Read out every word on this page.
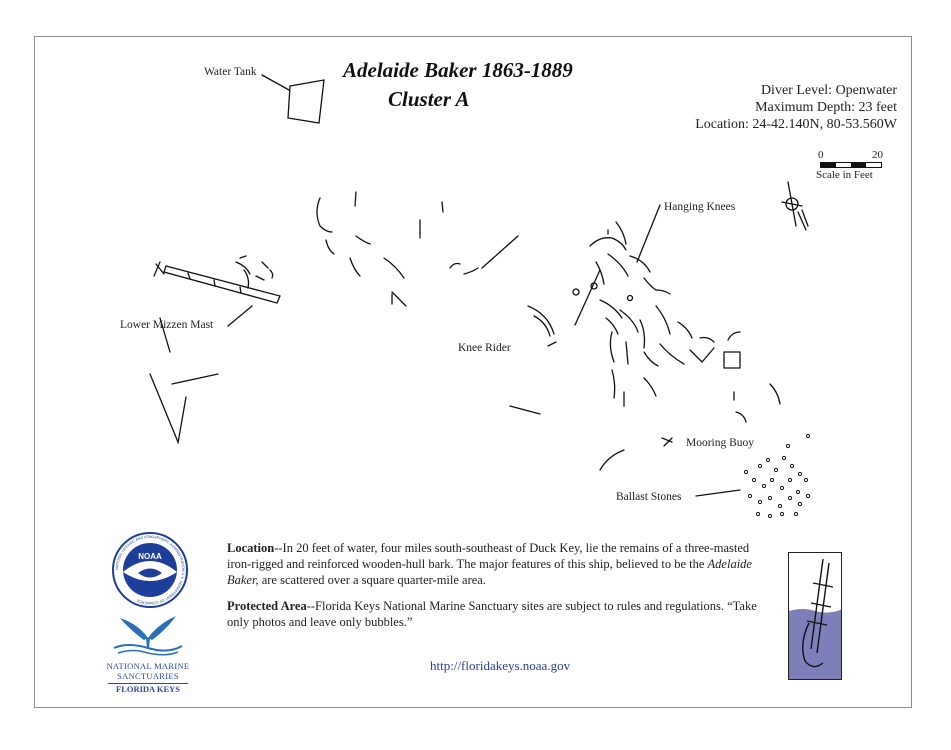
Adelaide Baker 1863-1889
Cluster A	Diver Level: Openwater
Maximum Depth: 23 feet
Location: 24-42.140N, 80-53.560W
0	20
Scale in Feet
Water Tank
Hanging Knees
Lower Mizzen Mast
Knee Rider
Mooring Buoy
Ballast Stones
NOAA
NATIONAL OCEANIC AND ATMOSPHERIC ADMINISTRATION U.S. DEPARTMENT OF COMMERCE
NATIONAL MARINE
SANCTUARIES
FLORIDA KEYS

Location--In 20 feet of water, four miles south-southeast of Duck Key, lie the remains of a three-masted iron-rigged and reinforced wooden-hull bark. The major features of this ship, believed to be the Adelaide Baker, are scattered over a square quarter-mile area.

Protected Area--Florida Keys National Marine Sanctuary sites are subject to rules and regulations. “Take only photos and leave only bubbles.”

http://floridakeys.noaa.gov
